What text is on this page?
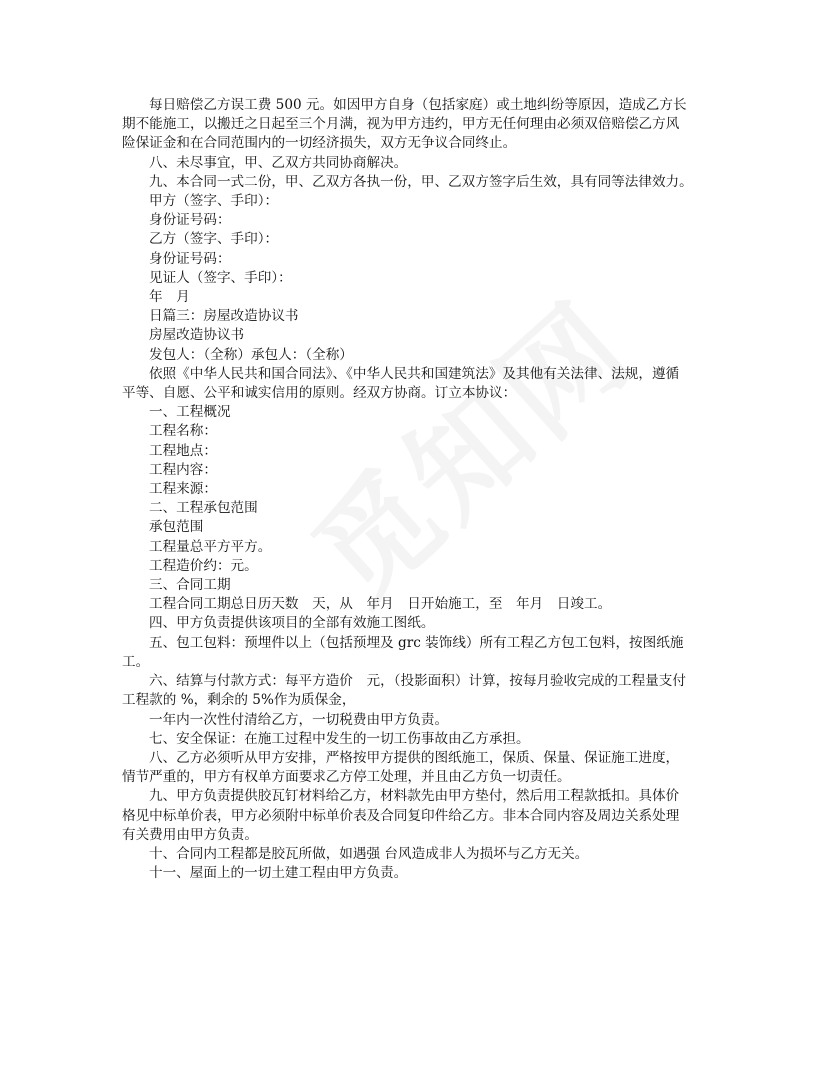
每日赔偿乙方误工费 500 元。如因甲方自身（包括家庭）或土地纠纷等原因，造成乙方长

期不能施工，以搬迁之日起至三个月满，视为甲方违约，甲方无任何理由必须双倍赔偿乙方风

险保证金和在合同范围内的一切经济损失，双方无争议合同终止。

八、未尽事宜，甲、乙双方共同协商解决。

九、本合同一式二份，甲、乙双方各执一份，甲、乙双方签字后生效，具有同等法律效力。

甲方（签字、手印）：

身份证号码：

乙方（签字、手印）：

身份证号码：

见证人（签字、手印）：

年　月

日篇三：房屋改造协议书

房屋改造协议书

发包人：（全称）承包人：（全称）

依照《中华人民共和国合同法》、《中华人民共和国建筑法》及其他有关法律、法规，遵循

平等、自愿、公平和诚实信用的原则。经双方协商。订立本协议：

一、工程概况

工程名称：

工程地点：

工程内容：

工程来源：

二、工程承包范围

承包范围

工程量总平方平方。

工程造价约：元。

三、合同工期

工程合同工期总日历天数　天，从　年月　日开始施工，至　年月　日竣工。

四、甲方负责提供该项目的全部有效施工图纸。

五、包工包料：预埋件以上（包括预埋及 grc 装饰线）所有工程乙方包工包料，按图纸施

工。

六、结算与付款方式：每平方造价　元，（投影面积）计算，按每月验收完成的工程量支付

工程款的 %，剩余的 5%作为质保金，

一年内一次性付清给乙方，一切税费由甲方负责。

七、安全保证：在施工过程中发生的一切工伤事故由乙方承担。

八、乙方必须听从甲方安排，严格按甲方提供的图纸施工，保质、保量、保证施工进度，

情节严重的，甲方有权单方面要求乙方停工处理，并且由乙方负一切责任。

九、甲方负责提供胶瓦钉材料给乙方，材料款先由甲方垫付，然后用工程款抵扣。具体价

格见中标单价表，甲方必须附中标单价表及合同复印件给乙方。非本合同内容及周边关系处理

有关费用由甲方负责。

十、合同内工程都是胶瓦所做，如遇强 台风造成非人为损坏与乙方无关。

十一、屋面上的一切土建工程由甲方负责。
